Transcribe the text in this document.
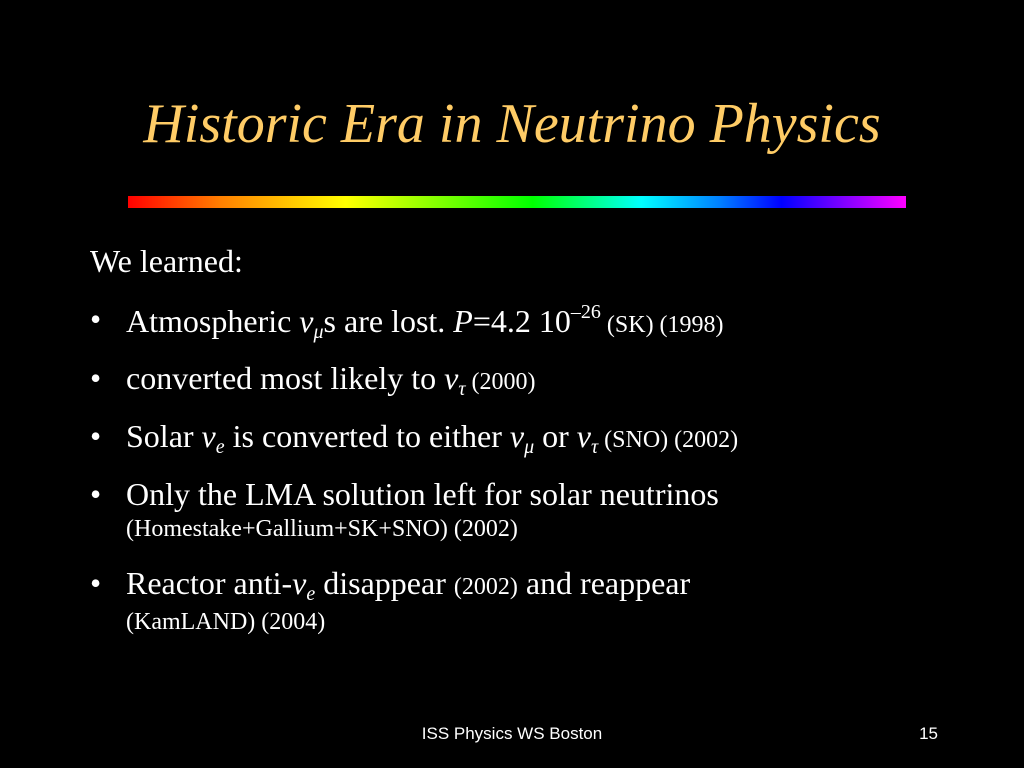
Historic Era in Neutrino Physics
We learned:
• Atmospheric νμs are lost. P=4.2 $10^{-26}$ (SK) (1998)
• converted most likely to ντ (2000)
• Solar νe is converted to either νμ or ντ (SNO) (2002)
• Only the LMA solution left for solar neutrinos
(Homestake+Gallium+SK+SNO) (2002)
• Reactor anti-νe disappear (2002) and reappear
(KamLAND) (2004)
ISS Physics WS Boston	15
